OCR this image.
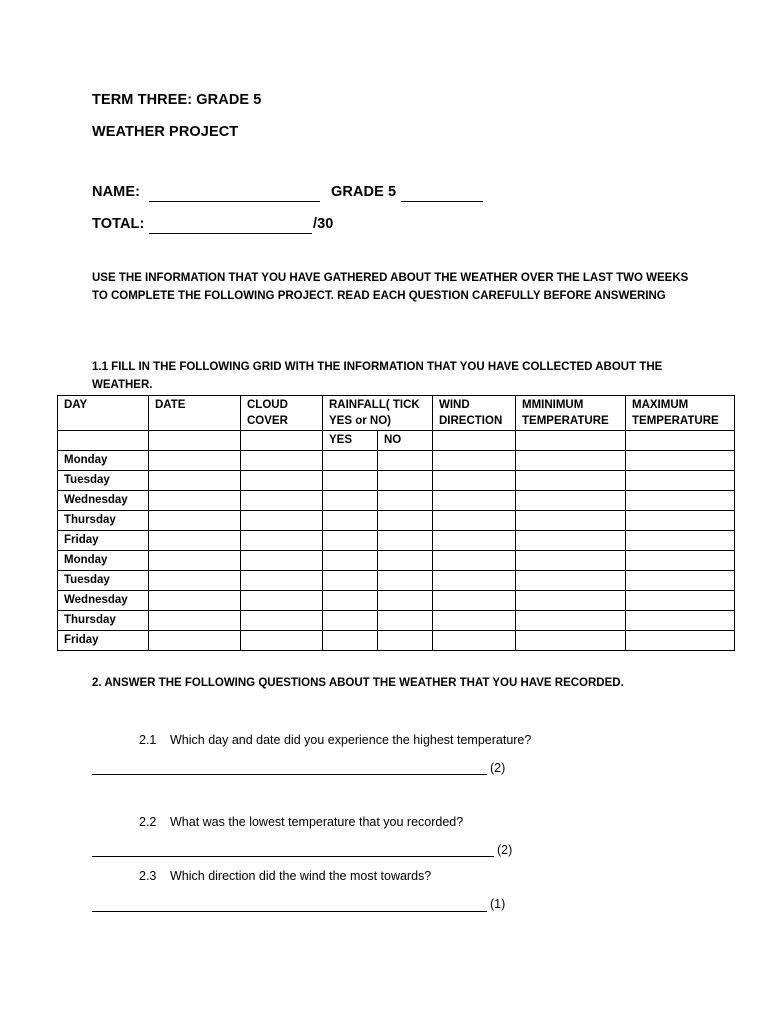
TERM THREE: GRADE 5
WEATHER PROJECT
NAME:	GRADE 5
TOTAL:	/30
USE THE INFORMATION THAT YOU HAVE GATHERED ABOUT THE WEATHER OVER THE LAST TWO WEEKS TO COMPLETE THE FOLLOWING PROJECT. READ EACH QUESTION CAREFULLY BEFORE ANSWERING
1.1 FILL IN THE FOLLOWING GRID WITH THE INFORMATION THAT YOU HAVE COLLECTED ABOUT THE WEATHER.
DAY	DATE	CLOUD COVER	RAINFALL( TICK YES or NO)		WIND DIRECTION	MMINIMUM TEMPERATURE	MAXIMUM TEMPERATURE
			YES	NO			
Monday							
Tuesday							
Wednesday							
Thursday							
Friday							
Monday							
Tuesday							
Wednesday							
Thursday							
Friday							
2. ANSWER THE FOLLOWING QUESTIONS ABOUT THE WEATHER THAT YOU HAVE RECORDED.
2.1 Which day and date did you experience the highest temperature?
(2)
2.2 What was the lowest temperature that you recorded?
(2)
2.3 Which direction did the wind the most towards?
(1)
